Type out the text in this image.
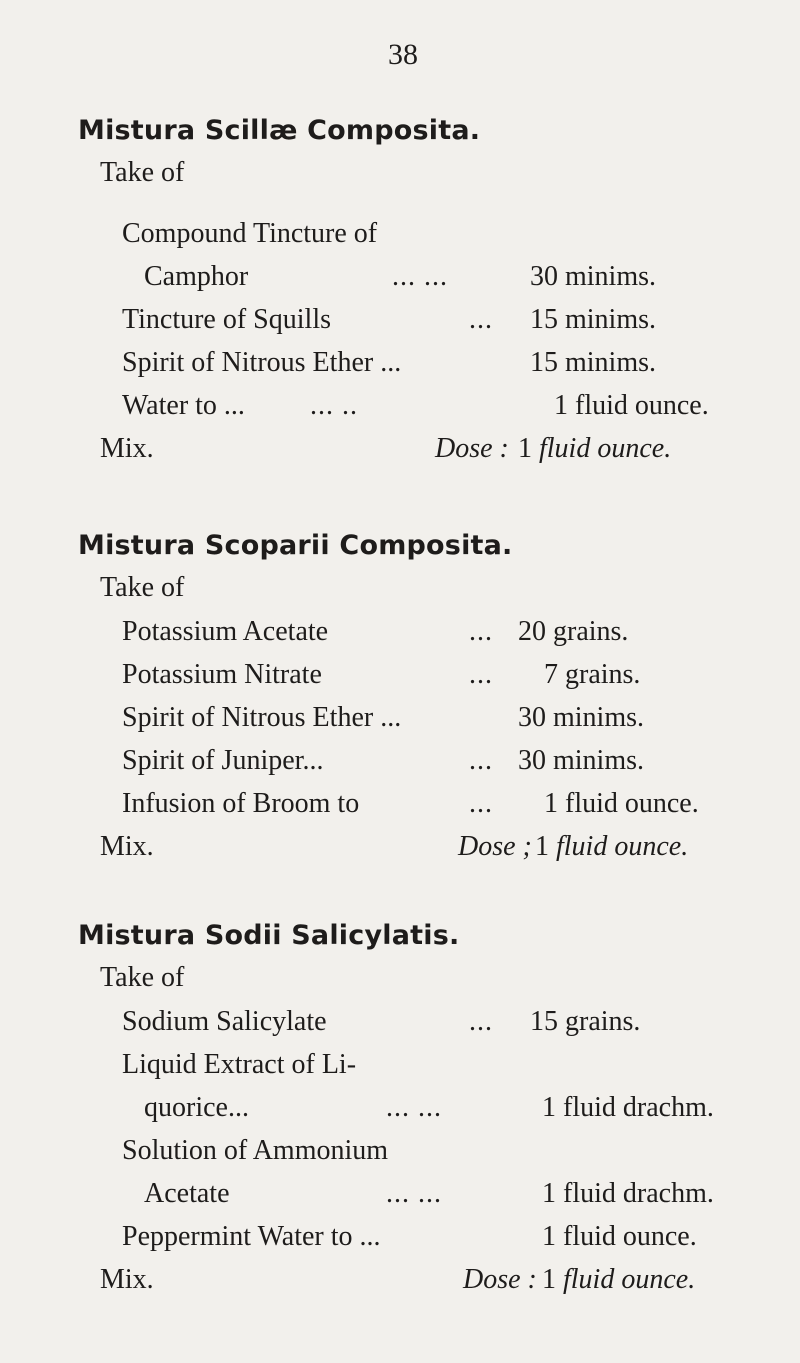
38
Mistura Scillæ Composita.
Take of
Compound Tincture of
Camphor	... ...	30 minims.
Tincture of Squills	... 15 minims.
Spirit of Nitrous Ether ...	15 minims.
Water to ... ... ..	1 fluid ounce.
Mix.	Dose : 1 fluid ounce.
Mistura Scoparii Composita.
Take of
Potassium Acetate	... 20 grains.
Potassium Nitrate	... 7 grains.
Spirit of Nitrous Ether ...	30 minims.
Spirit of Juniper...	... 30 minims.
Infusion of Broom to	... 1 fluid ounce.
Mix.	Dose ; 1 fluid ounce.
Mistura Sodii Salicylatis.
Take of
Sodium Salicylate	... 15 grains.
Liquid Extract of Li-
quorice...	... ...	1 fluid drachm.
Solution of Ammonium
Acetate	... ...	1 fluid drachm.
Peppermint Water to ...	1 fluid ounce.
Mix.	Dose : 1 fluid ounce.
